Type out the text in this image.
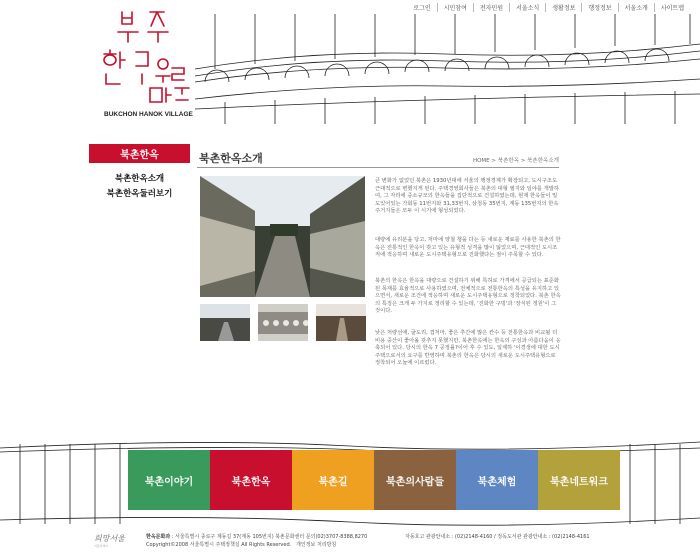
로그인	시민참여	전자민원	서울소식	생활정보	행정정보	서울소개	사이트맵
BUKCHON HANOK VILLAGE
북촌한옥
북촌한옥소개
북촌한옥둘러보기
북촌한옥소개	HOME > 북촌한옥 > 북촌한옥소개
큰 변화가 없었던 북촌은 1930년대에 서울의 행정경계가 확장되고, 도시구조도 근대적으로 변했지게 된다. 주택경영회사들은 북촌의 대형 필지와 임야를 개발하여, 그 자리에 중소규모의 한옥들을 집단적으로 건설하였는데, 현재 한옥들이 밀도있어있는 가회동 11번지와 31,33번지, 삼청동 35번지, 계동 135번지의 한옥주거지들은 모두 이 시기에 형성되었다.
대량에 유리분을 당고, 처마에 양철 챙을 다는 등 새로운 재료를 사용한 북촌의 한옥은 전통적인 한옥이 갖고 있는 유형적 성격을 많이 잃었으며, 근대적인 도시조직에 적응하며 새로운 도시주택유형으로 진화했다는 점이 주목할 수 있다.
북촌의 한옥은 한옥을 대량으로 건설하기 위해 특허로 가격에서 공급되는 표준화된 목재를 효율적으로 사용하였으며, 전체적으로 전통한옥의 특성을 유지하고 있으면서, 새로운 조건에 적응하며 새로운 도시주택유형으로 정착되었다. 북촌 한옥의 특징은 크게 두 가지로 정리할 수 있는데, '진화한 구빙'과 '장식된 정원'이 그것이다.
낮은 처량선에, 굴도리, 겹처마, 좋은 추간에 많은 칸수 등 전통한옥과 비교될 더 비용 중산이 좋아올 갖추지 못했지만, 북촌한옥에는 한옥의 구성과 아름다움이 응축되어 있다. 당시의 한옥 7 공정률?이어 후 수 있도, 일제하 '이경생에 대한 도시주택으로서의 요구를 반영하며 북촌의 한옥은 당시의 새로운 도시주택유형으로 정착되어 오늘에 이르렀다.
북촌이야기	북촌한옥	북촌길	북촌의사람들	북촌체험	북촌네트워크
희망서울
서울특별시
한옥문화과 : 서울특별시 종로구 계동길 37(계동 105번지) 북촌문화센터 문의(02)3707-8388,8270
Copyright©2008 서울특별시 주택정책실 All Rights Reserved. 개인정보 처리방침
자동호고 관광안내소 : (02)2148-4160 / 정독도서관 관광안내소 : (02)2148-4161
